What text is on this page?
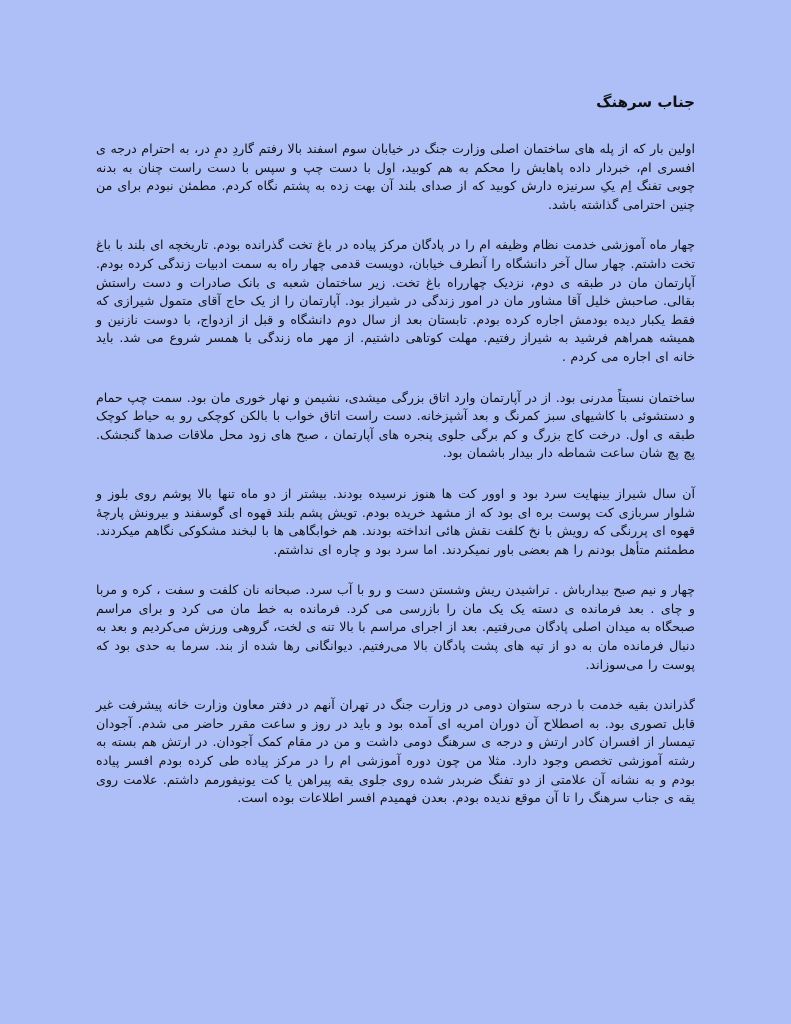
جناب سرهنگ

اولین بار که از پله های ساختمان اصلی وزارت جنگ در خیابان سوم اسفند بالا رفتم گاردِ دمِ در، به احترام درجه ی افسری ام، خبردار داده پاهایش را محکم به هم کوبید، اول با دست چپ و سپس با دست راست چنان به بدنه چوبی تفنگ اِم یکِ سرنیزه دارش کوبید که از صدای بلند آن بهت زده به پشتم نگاه کردم. مطمئن نبودم برای من چنین احترامی گذاشته باشد.

چهار ماه آموزشی خدمت نظام وظیفه ام را در پادگان مرکز پیاده در باغ تخت گذرانده بودم. تاریخچه ای بلند با باغ تخت داشتم. چهار سال آخر دانشگاه را آنطرف خیابان، دویست قدمی چهار راه به سمت ادبیات زندگی کرده بودم. آپارتمان مان در طبقه ی دوم، نزدیک چهارراه باغ تخت. زیر ساختمان شعبه ی بانک صادرات و دست راستش بقالی. صاحبش خلیل آقا مشاور مان در امور زندگی در شیراز بود. آپارتمان را از یک حاج آقای متمول شیرازی که فقط یکبار دیده بودمش اجاره کرده بودم. تابستان بعد از سال دوم دانشگاه و قبل از ازدواج، با دوست نازنین و همیشه همراهم فرشید به شیراز رفتیم. مهلت کوتاهی داشتیم. از مهر ماه زندگی با همسر شروع می شد. باید خانه ای اجاره می کردم .

ساختمان نسبتاً مدرنی بود. از در آپارتمان وارد اتاق بزرگی میشدی، نشیمن و نهار خوری مان بود. سمت چپ حمام و دستشوئی با کاشیهای سبز کمرنگ و بعد آشپزخانه. دست راست اتاق خواب با بالکن کوچکی رو به حیاط کوچک طبقه ی اول. درخت کاج بزرگ و کم برگی جلوی پنجره های آپارتمان ، صبح های زود محل ملاقات صدها گنجشک. پچ پچ شان ساعت شماطه دار بیدار باشمان بود.

آن سال شیراز بینهایت سرد بود و اوور کت ها هنوز نرسیده بودند. بیشتر از دو ماه تنها بالا پوشم روی بلوز و شلوار سربازی کت پوست بره ای بود که از مشهد خریده بودم. تویش پشم بلند قهوه ای گوسفند و بیرونش پارچهٔ قهوه ای پررنگی که رویش با نخ کلفت نقش هائی انداخته بودند. هم خوابگاهی ها با لبخند مشکوکی نگاهم میکردند. مطمئنم متأهل بودنم را هم بعضی باور نمیکردند. اما سرد بود و چاره ای نداشتم.

چهار و نیم صبح بیدارباش . تراشیدن ریش وشستن دست و رو با آب سرد. صبحانه نان کلفت و سفت ، کره و مربا و چای . بعد فرمانده ی دسته یک یک مان را بازرسی می کرد. فرمانده به خط مان می کرد و برای مراسم صبحگاه به میدان اصلی پادگان می‌رفتیم. بعد از اجرای مراسم با بالا تنه ی لخت، گروهی ورزش می‌کردیم و بعد به دنبال فرمانده مان به دو از تپه های پشت پادگان بالا می‌رفتیم. دیوانگانی رها شده از بند. سرما به حدی بود که پوست را می‌سوزاند.

گذراندن بقیه خدمت با درجه ستوان دومی در وزارت جنگ در تهران آنهم در دفتر معاون وزارت خانه پیشرفت غیر قابل تصوری بود. به اصطلاح آن دوران امریه ای آمده بود و باید در روز و ساعت مقرر حاضر می شدم. آجودان تیمسار از افسران کادر ارتش و درجه ی سرهنگ دومی داشت و من در مقام کمک آجودان. در ارتش هم بسته به رشته آموزشی تخصص وجود دارد. مثلا من چون دوره آموزشی ام را در مرکز پیاده طی کرده بودم افسر پیاده بودم و به نشانه آن علامتی از دو تفنگ ضربدر شده روی جلوی یقه پیراهن یا کت یونیفورمم داشتم. علامت روی یقه ی جناب سرهنگ را تا آن موقع ندیده بودم. بعدن فهمیدم افسر اطلاعات بوده است.
